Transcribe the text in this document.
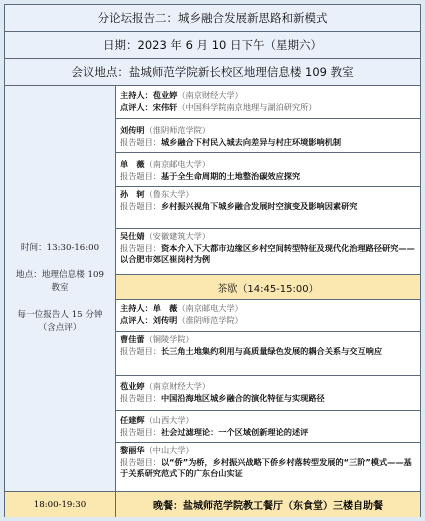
分论坛报告二：城乡融合发展新思路和新模式
日期：2023 年 6 月 10 日下午（星期六）
会议地点：盐城师范学院新长校区地理信息楼 109 教室
时间：13:30-16:00
地点：地理信息楼 109
教室
每一位报告人 15 分钟
（含点评）
主持人：苞业婷（南京财经大学）
点评人：宋伟轩（中国科学院南京地理与湖泊研究所）
刘传明（淮阴师范学院）
报告题目：城乡融合下村民入城去向差异与村庄环境影响机制
单　薇（南京邮电大学）
报告题目：基于全生命周期的土地整治碳效应探究
孙　轲（鲁东大学）
报告题目：乡村振兴视角下城乡融合发展时空演变及影响因素研究
吴仕婧（安徽建筑大学）
报告题目：资本介入下大都市边缘区乡村空间转型特征及现代化治理路径研究——以合肥市郊区崔岗村为例
茶歇（14:45-15:00）
主持人：单　薇（南京邮电大学）
点评人：刘传明（淮阴师范学院）
曹佳蕾（铜陵学院）
报告题目：长三角土地集约利用与高质量绿色发展的耦合关系与交互响应
苞业婷（南京财经大学）
报告题目：中国沿海地区城乡融合的演化特征与实现路径
任建辉（山西大学）
报告题目：社会过滤理论：一个区域创新理论的述评
黎丽华（中山大学）
报告题目：以“侨”为桥，乡村振兴战略下侨乡村落转型发展的“三阶”模式——基于关系研究范式下的广东台山实证
18:00-19:30	晚餐：盐城师范学院教工餐厅（东食堂）三楼自助餐
